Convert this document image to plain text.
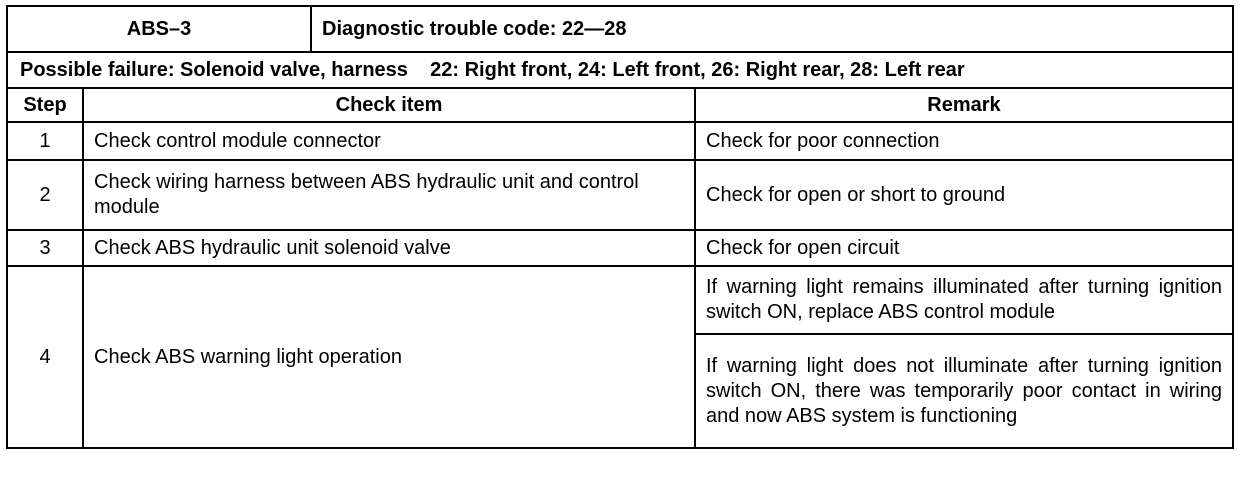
ABS–3	Diagnostic trouble code: 22—28
Possible failure: Solenoid valve, harness    22: Right front, 24: Left front, 26: Right rear, 28: Left rear		
Step	Check item	Remark
1	Check control module connector	Check for poor connection
2	Check wiring harness between ABS hydraulic unit and control module	Check for open or short to ground
3	Check ABS hydraulic unit solenoid valve	Check for open circuit
4	Check ABS warning light operation	If warning light remains illuminated after turning ignition switch ON, replace ABS control module
		If warning light does not illuminate after turning ignition switch ON, there was temporarily poor contact in wiring and now ABS system is functioning
